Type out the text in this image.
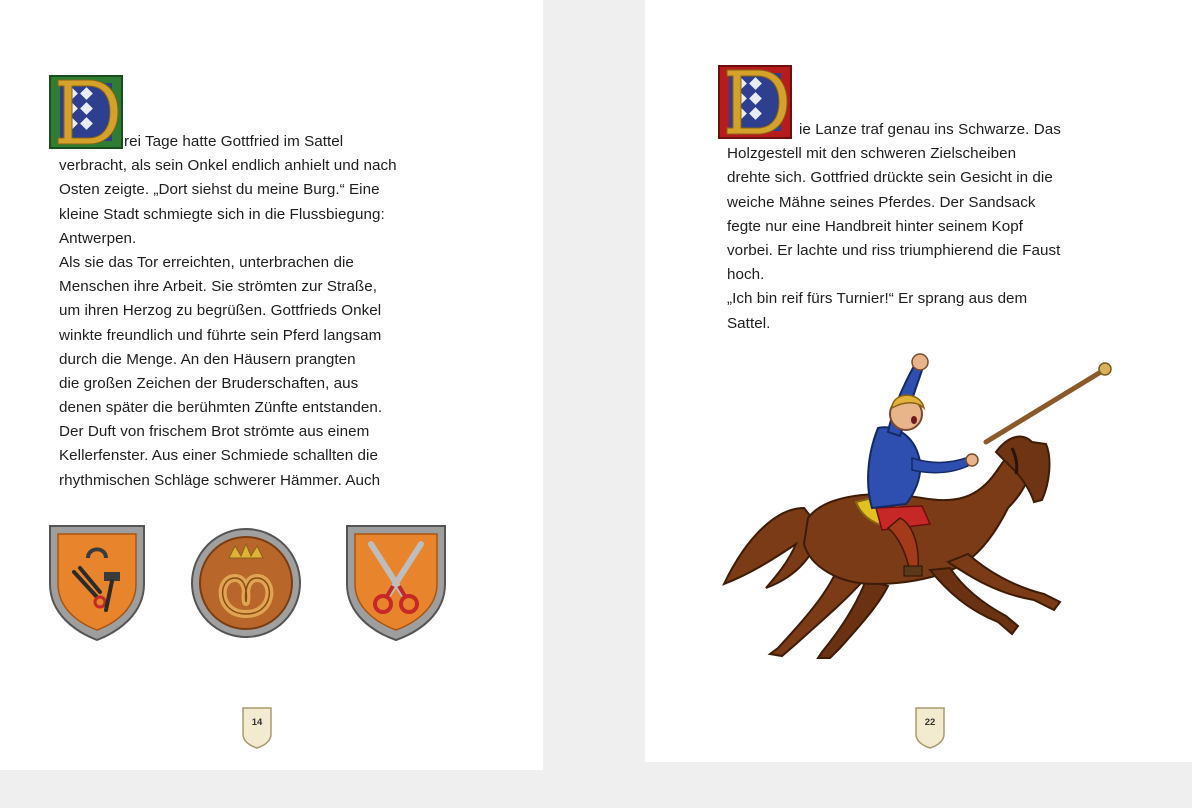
rei Tage hatte Gottfried im Sattel
verbracht, als sein Onkel endlich anhielt und nach
Osten zeigte. „Dort siehst du meine Burg.“ Eine
kleine Stadt schmiegte sich in die Flussbiegung:
Antwerpen.
Als sie das Tor erreichten, unterbrachen die
Menschen ihre Arbeit. Sie strömten zur Straße,
um ihren Herzog zu begrüßen. Gottfrieds Onkel
winkte freundlich und führte sein Pferd langsam
durch die Menge. An den Häusern prangten
die großen Zeichen der Bruderschaften, aus
denen später die berühmten Zünfte entstanden.
Der Duft von frischem Brot strömte aus einem
Kellerfenster. Aus einer Schmiede schallten die
rhythmischen Schläge schwerer Hämmer. Auch
14
ie Lanze traf genau ins Schwarze. Das
Holzgestell mit den schweren Zielscheiben
drehte sich. Gottfried drückte sein Gesicht in die
weiche Mähne seines Pferdes. Der Sandsack
fegte nur eine Handbreit hinter seinem Kopf
vorbei. Er lachte und riss triumphierend die Faust
hoch.
„Ich bin reif fürs Turnier!“ Er sprang aus dem
Sattel.
22
